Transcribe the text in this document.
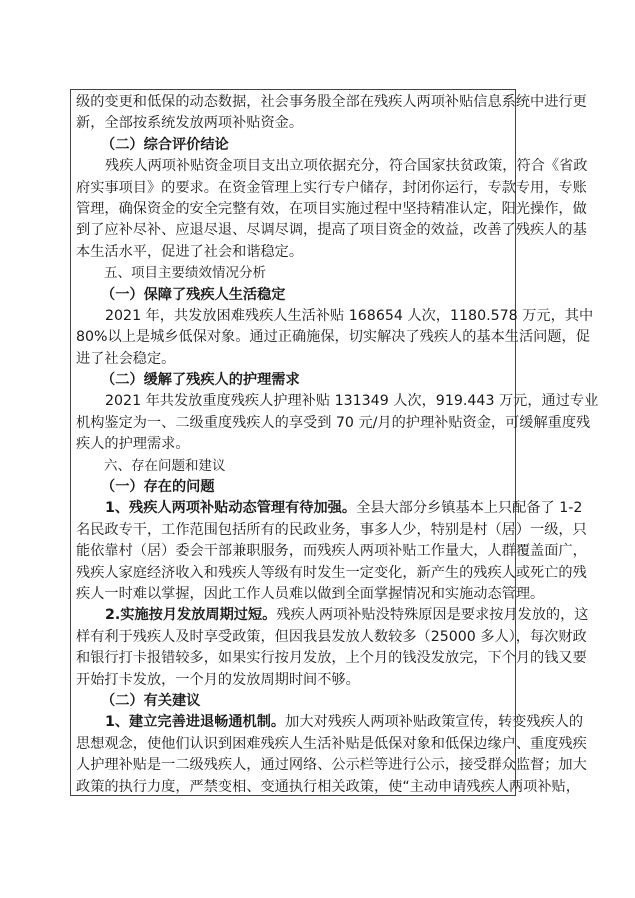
级的变更和低保的动态数据，社会事务股全部在残疾人两项补贴信息系统中进行更
新，全部按系统发放两项补贴资金。
（二）综合评价结论
残疾人两项补贴资金项目支出立项依据充分，符合国家扶贫政策，符合《省政
府实事项目》的要求。在资金管理上实行专户储存，封闭你运行，专款专用，专账
管理，确保资金的安全完整有效，在项目实施过程中坚持精准认定，阳光操作，做
到了应补尽补、应退尽退、尽调尽调，提高了项目资金的效益，改善了残疾人的基
本生活水平，促进了社会和谐稳定。
五、项目主要绩效情况分析
（一）保障了残疾人生活稳定
2021 年，共发放困难残疾人生活补贴 168654 人次，1180.578 万元，其中
80%以上是城乡低保对象。通过正确施保，切实解决了残疾人的基本生活问题，促
进了社会稳定。
（二）缓解了残疾人的护理需求
2021 年共发放重度残疾人护理补贴 131349 人次，919.443 万元，通过专业
机构鉴定为一、二级重度残疾人的享受到 70 元/月的护理补贴资金，可缓解重度残
疾人的护理需求。
六、存在问题和建议
（一）存在的问题
1、残疾人两项补贴动态管理有待加强。全县大部分乡镇基本上只配备了 1-2
名民政专干，工作范围包括所有的民政业务，事多人少，特别是村（居）一级，只
能依靠村（居）委会干部兼职服务，而残疾人两项补贴工作量大，人群覆盖面广，
残疾人家庭经济收入和残疾人等级有时发生一定变化，新产生的残疾人或死亡的残
疾人一时难以掌握，因此工作人员难以做到全面掌握情况和实施动态管理。
2.实施按月发放周期过短。残疾人两项补贴没特殊原因是要求按月发放的，这
样有利于残疾人及时享受政策，但因我县发放人数较多（25000 多人），每次财政
和银行打卡报错较多，如果实行按月发放，上个月的钱没发放完，下个月的钱又要
开始打卡发放，一个月的发放周期时间不够。
（二）有关建议
1、建立完善进退畅通机制。加大对残疾人两项补贴政策宣传，转变残疾人的
思想观念，使他们认识到困难残疾人生活补贴是低保对象和低保边缘户、重度残疾
人护理补贴是一二级残疾人，通过网络、公示栏等进行公示，接受群众监督；加大
政策的执行力度，严禁变相、变通执行相关政策，使“主动申请残疾人两项补贴，
